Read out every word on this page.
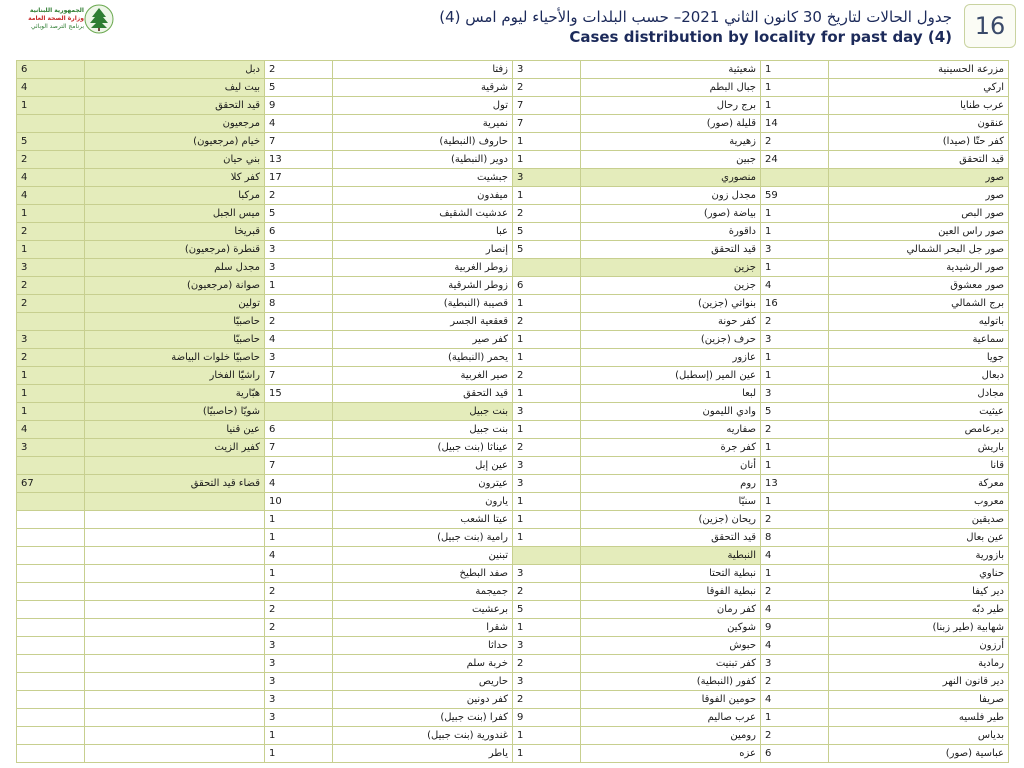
الجمهورية اللبنانية
وزارة الصحة العامة
برنامج الترصد الوبائي
جدول الحالات لتاريخ 30 كانون الثاني 2021– حسب البلدات والأحياء ليوم امس (4)
Cases distribution by locality for past day (4) 16
مزرعة الحسينية	1	شعيثية	3	زفتا	2	دبل	6
اركي	1	جبال البطم	2	شرقية	5	بيت ليف	4
عرب طنايا	1	برج رحال	7	تول	9	قيد التحقق	1
عنقون	14	قليلة (صور)	7	نميرية	4	مرجعيون	
كفر حتّا (صيدا)	2	زهيرية	1	حاروف (النبطية)	7	خيام (مرجعيون)	5
قيد التحقق	24	جبين	1	دوير (النبطية)	13	بني حيان	2
صور		منصوري	3	جبشيت	17	كفر كلا	4
صور	59	مجدل زون	1	ميفدون	2	مركبا	4
صور البص	1	بياضة (صور)	2	عدشيت الشقيف	5	ميس الجبل	1
صور راس العين	1	داقورة	5	عبا	6	قبريخا	2
صور جل البحر الشمالي	3	قيد التحقق	5	إنصار	3	قنطرة (مرجعيون)	1
صور الرشيدية	1	جزين		زوطر الغربية	3	مجدل سلم	3
صور معشوق	4	جزين	6	زوطر الشرقية	1	صوانة (مرجعيون)	2
برج الشمالي	16	بنواتي (جزين)	1	قصيبة (النبطية)	8	تولين	2
باتوليه	2	كفر حونة	2	قعقعية الجسر	2	حاصبيّا	
سماعية	3	حرف (جزين)	1	كفر صير	4	حاصبيّا	3
جويا	1	عازور	1	يحمر (النبطية)	3	حاصبيّا خلوات البياضة	2
دبعال	1	عين المير (إسطبل)	2	صير الغربية	7	راشيّا الفخار	1
مجادل	3	لبعا	1	قيد التحقق	15	هبّارية	1
عيثيت	5	وادي الليمون	3	بنت جبيل		شويّا (حاصبيّا)	1
ديرعامص	2	صفاريه	1	بنت جبيل	6	عين قنيا	4
باريش	1	كفر جرة	2	عيناثا (بنت جبيل)	7	كفير الزيت	3
قانا	1	أنان	3	عين إبل	7		
معركة	13	روم	3	عيترون	4	قضاء قيد التحقق	67
معروب	1	سنيّا	1	يارون	10		
صديقين	2	ريحان (جزين)	1	عيتا الشعب	1		
عين بعال	8	قيد التحقق	1	رامية (بنت جبيل)	1		
بازورية	4	النبطية		تبنين	4		
حناوي	1	نبطية التحتا	3	صفد البطيخ	1		
دير كيفا	2	نبطية الفوقا	2	جميجمة	2		
طير دبّه	4	كفر رمان	5	برعشيت	2		
شهابية (طير زبنا)	9	شوكين	1	شقرا	2		
أرزون	4	حبوش	3	حداثا	3		
رمادية	3	كفر تبنيت	2	خربة سلم	3		
دير قانون النهر	2	كفور (النبطية)	3	حاريص	3		
صريفا	4	حومين الفوقا	2	كفر دونين	3		
طير فلسيه	1	عرب صاليم	9	كفرا (بنت جبيل)	3		
بدياس	2	رومين	1	غندورية (بنت جبيل)	1		
عباسية (صور)	6	عزه	1	ياطر	1		
